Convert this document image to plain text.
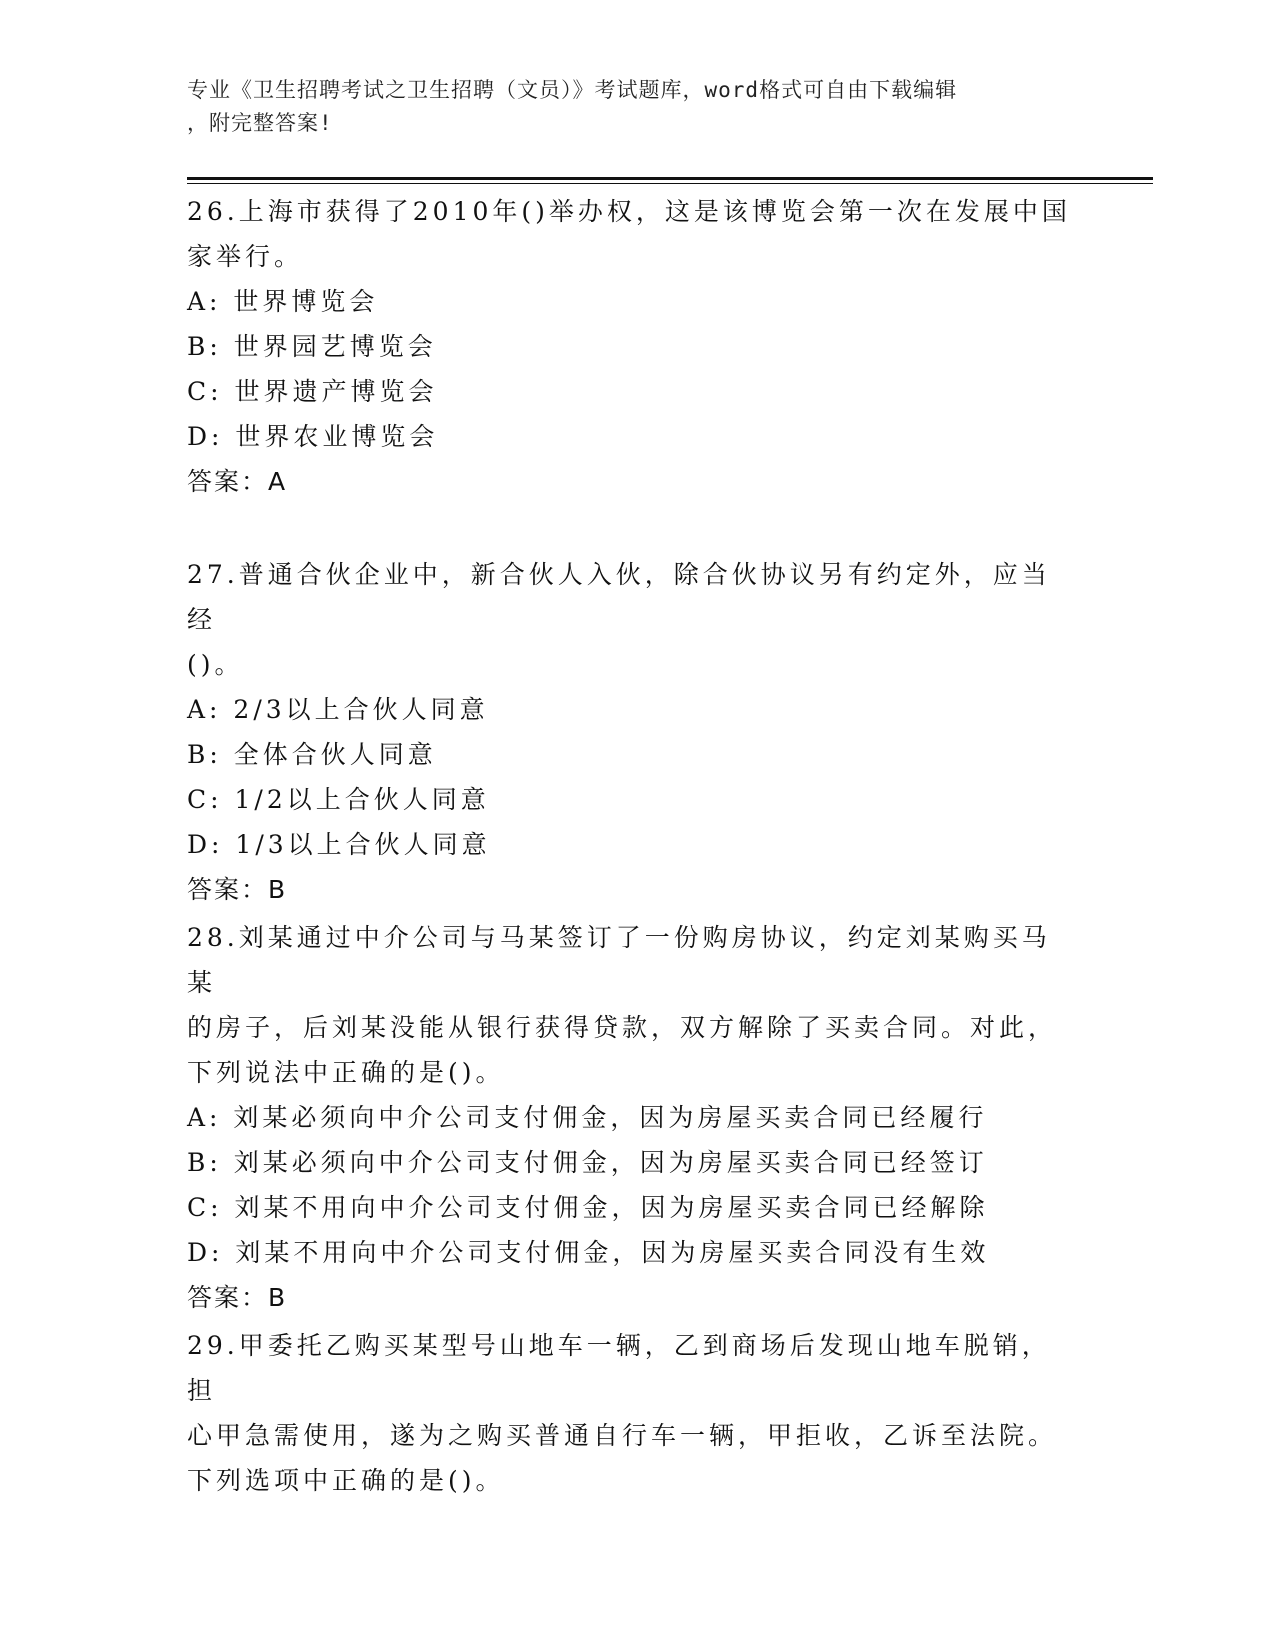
专业《卫生招聘考试之卫生招聘（文员）》考试题库，word格式可自由下载编辑
，附完整答案!

26.上海市获得了2010年()举办权，这是该博览会第一次在发展中国

家举行。

A: 世界博览会

B: 世界园艺博览会

C: 世界遗产博览会

D: 世界农业博览会

答案：A

27.普通合伙企业中，新合伙人入伙，除合伙协议另有约定外，应当经

()。

A: 2/3以上合伙人同意

B: 全体合伙人同意

C: 1/2以上合伙人同意

D: 1/3以上合伙人同意

答案：B

28.刘某通过中介公司与马某签订了一份购房协议，约定刘某购买马某

的房子，后刘某没能从银行获得贷款，双方解除了买卖合同。对此，

下列说法中正确的是()。

A: 刘某必须向中介公司支付佣金，因为房屋买卖合同已经履行

B: 刘某必须向中介公司支付佣金，因为房屋买卖合同已经签订

C: 刘某不用向中介公司支付佣金，因为房屋买卖合同已经解除

D: 刘某不用向中介公司支付佣金，因为房屋买卖合同没有生效

答案：B

29.甲委托乙购买某型号山地车一辆，乙到商场后发现山地车脱销，担

心甲急需使用，遂为之购买普通自行车一辆，甲拒收，乙诉至法院。

下列选项中正确的是()。
